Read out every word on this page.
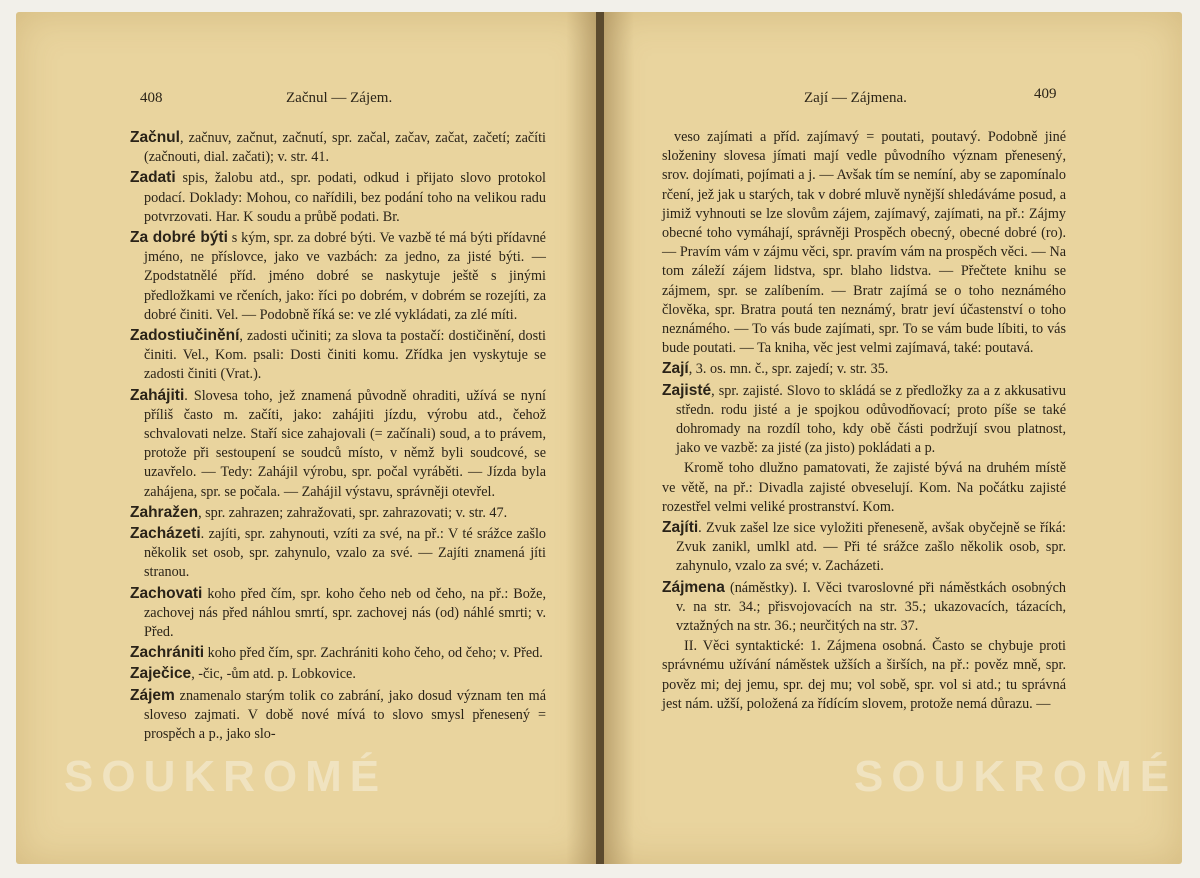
408	Začnul — Zájem.

Začnul, začnuv, začnut, začnutí, spr. začal, začav, začat, začetí; začíti (začnouti, dial. začati); v. str. 41.

Zadati spis, žalobu atd., spr. podati, odkud i přijato slovo protokol podací. Doklady: Mohou, co nařídili, bez podání toho na velikou radu potvrzovati. Har. K soudu a průbě podati. Br.

Za dobré býti s kým, spr. za dobré býti. Ve vazbě té má býti přídavné jméno, ne příslovce, jako ve vazbách: za jedno, za jisté býti. — Zpodstatnělé příd. jméno dobré se naskytuje ještě s jinými předložkami ve rčeních, jako: říci po dobrém, v dobrém se rozejíti, za dobré činiti. Vel. — Podobně říká se: ve zlé vykládati, za zlé míti.

Zadostiučinění, zadosti učiniti; za slova ta postačí: dostičinění, dosti činiti. Vel., Kom. psali: Dosti činiti komu. Zřídka jen vyskytuje se zadosti činiti (Vrat.).

Zahájiti. Slovesa toho, jež znamená původně ohraditi, užívá se nyní příliš často m. začíti, jako: zahájiti jízdu, výrobu atd., čehož schvalovati nelze. Staří sice zahajovali (= začínali) soud, a to právem, protože při sestoupení se soudců místo, v němž byli soudcové, se uzavřelo. — Tedy: Zahájil výrobu, spr. počal vyráběti. — Jízda byla zahájena, spr. se počala. — Zahájil výstavu, správněji otevřel.

Zahražen, spr. zahrazen; zahražovati, spr. zahrazovati; v. str. 47.

Zacházeti. zajíti, spr. zahynouti, vzíti za své, na př.: V té srážce zašlo několik set osob, spr. zahynulo, vzalo za své. — Zajíti znamená jíti stranou.

Zachovati koho před čím, spr. koho čeho neb od čeho, na př.: Bože, zachovej nás před náhlou smrtí, spr. zachovej nás (od) náhlé smrti; v. Před.

Zachrániti koho před čím, spr. Zachrániti koho čeho, od čeho; v. Před.

Zaječice, -čic, -ům atd. p. Lobkovice.

Zájem znamenalo starým tolik co zabrání, jako dosud význam ten má sloveso zajmati. V době nové mívá to slovo smysl přenesený = prospěch a p., jako slo-

SOUKROMÉ
Zají — Zájmena.	409

veso zajímati a příd. zajímavý = poutati, poutavý. Podobně jiné složeniny slovesa jímati mají vedle původního význam přenesený, srov. dojímati, pojímati a j. — Avšak tím se nemíní, aby se zapomínalo rčení, jež jak u starých, tak v dobré mluvě nynější shledáváme posud, a jimiž vyhnouti se lze slovům zájem, zajímavý, zajímati, na př.: Zájmy obecné toho vymáhají, správněji Prospěch obecný, obecné dobré (ro). — Pravím vám v zájmu věci, spr. pravím vám na prospěch věci. — Na tom záleží zájem lidstva, spr. blaho lidstva. — Přečtete knihu se zájmem, spr. se zalíbením. — Bratr zajímá se o toho neznámého člověka, spr. Bratra poutá ten neznámý, bratr jeví účastenství o toho neznámého. — To vás bude zajímati, spr. To se vám bude líbiti, to vás bude poutati. — Ta kniha, věc jest velmi zajímavá, také: poutavá.

Zají, 3. os. mn. č., spr. zajedí; v. str. 35.

Zajisté, spr. zajisté. Slovo to skládá se z předložky za a z akkusativu středn. rodu jisté a je spojkou odůvodňovací; proto píše se také dohromady na rozdíl toho, kdy obě části podržují svou platnost, jako ve vazbě: za jisté (za jisto) pokládati a p.

Kromě toho dlužno pamatovati, že zajisté bývá na druhém místě ve větě, na př.: Divadla zajisté obveselují. Kom. Na počátku zajisté rozestřel velmi veliké prostranství. Kom.

Zajíti. Zvuk zašel lze sice vyložiti přeneseně, avšak obyčejně se říká: Zvuk zanikl, umlkl atd. — Při té srážce zašlo několik osob, spr. zahynulo, vzalo za své; v. Zacházeti.

Zájmena (náměstky). I. Věci tvaroslovné při náměstkách osobných v. na str. 34.; přisvojovacích na str. 35.; ukazovacích, tázacích, vztažných na str. 36.; neurčitých na str. 37.

II. Věci syntaktické: 1. Zájmena osobná. Často se chybuje proti správnému užívání náměstek užších a širších, na př.: pověz mně, spr. pověz mi; dej jemu, spr. dej mu; vol sobě, spr. vol si atd.; tu správná jest nám. užší, položená za řídícím slovem, protože nemá důrazu. —

SOUKROMÉ
